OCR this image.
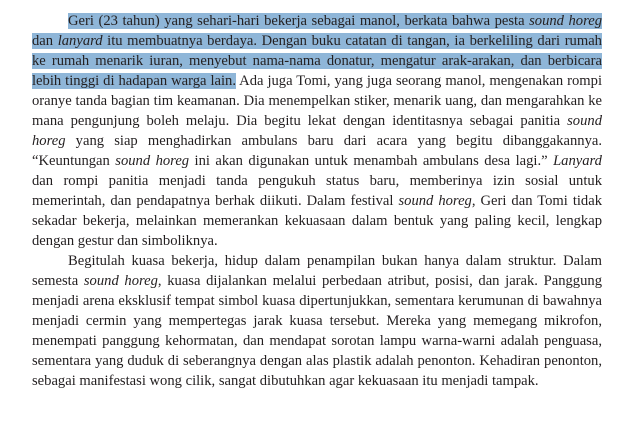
Geri (23 tahun) yang sehari-hari bekerja sebagai manol, berkata bahwa pesta sound horeg dan lanyard itu membuatnya berdaya. Dengan buku catatan di tangan, ia berkeliling dari rumah ke rumah menarik iuran, menyebut nama-nama donatur, mengatur arak-arakan, dan berbicara lebih tinggi di hadapan warga lain. Ada juga Tomi, yang juga seorang manol, mengenakan rompi oranye tanda bagian tim keamanan. Dia menempelkan stiker, menarik uang, dan mengarahkan ke mana pengunjung boleh melaju. Dia begitu lekat dengan identitasnya sebagai panitia sound horeg yang siap menghadirkan ambulans baru dari acara yang begitu dibanggakannya. “Keuntungan sound horeg ini akan digunakan untuk menambah ambulans desa lagi.” Lanyard dan rompi panitia menjadi tanda pengukuh status baru, memberinya izin sosial untuk memerintah, dan pendapatnya berhak diikuti. Dalam festival sound horeg, Geri dan Tomi tidak sekadar bekerja, melainkan memerankan kekuasaan dalam bentuk yang paling kecil, lengkap dengan gestur dan simboliknya.

Begitulah kuasa bekerja, hidup dalam penampilan bukan hanya dalam struktur. Dalam semesta sound horeg, kuasa dijalankan melalui perbedaan atribut, posisi, dan jarak. Panggung menjadi arena eksklusif tempat simbol kuasa dipertunjukkan, sementara kerumunan di bawahnya menjadi cermin yang mempertegas jarak kuasa tersebut. Mereka yang memegang mikrofon, menempati panggung kehormatan, dan mendapat sorotan lampu warna-warni adalah penguasa, sementara yang duduk di seberangnya dengan alas plastik adalah penonton. Kehadiran penonton, sebagai manifestasi wong cilik, sangat dibutuhkan agar kekuasaan itu menjadi tampak.
